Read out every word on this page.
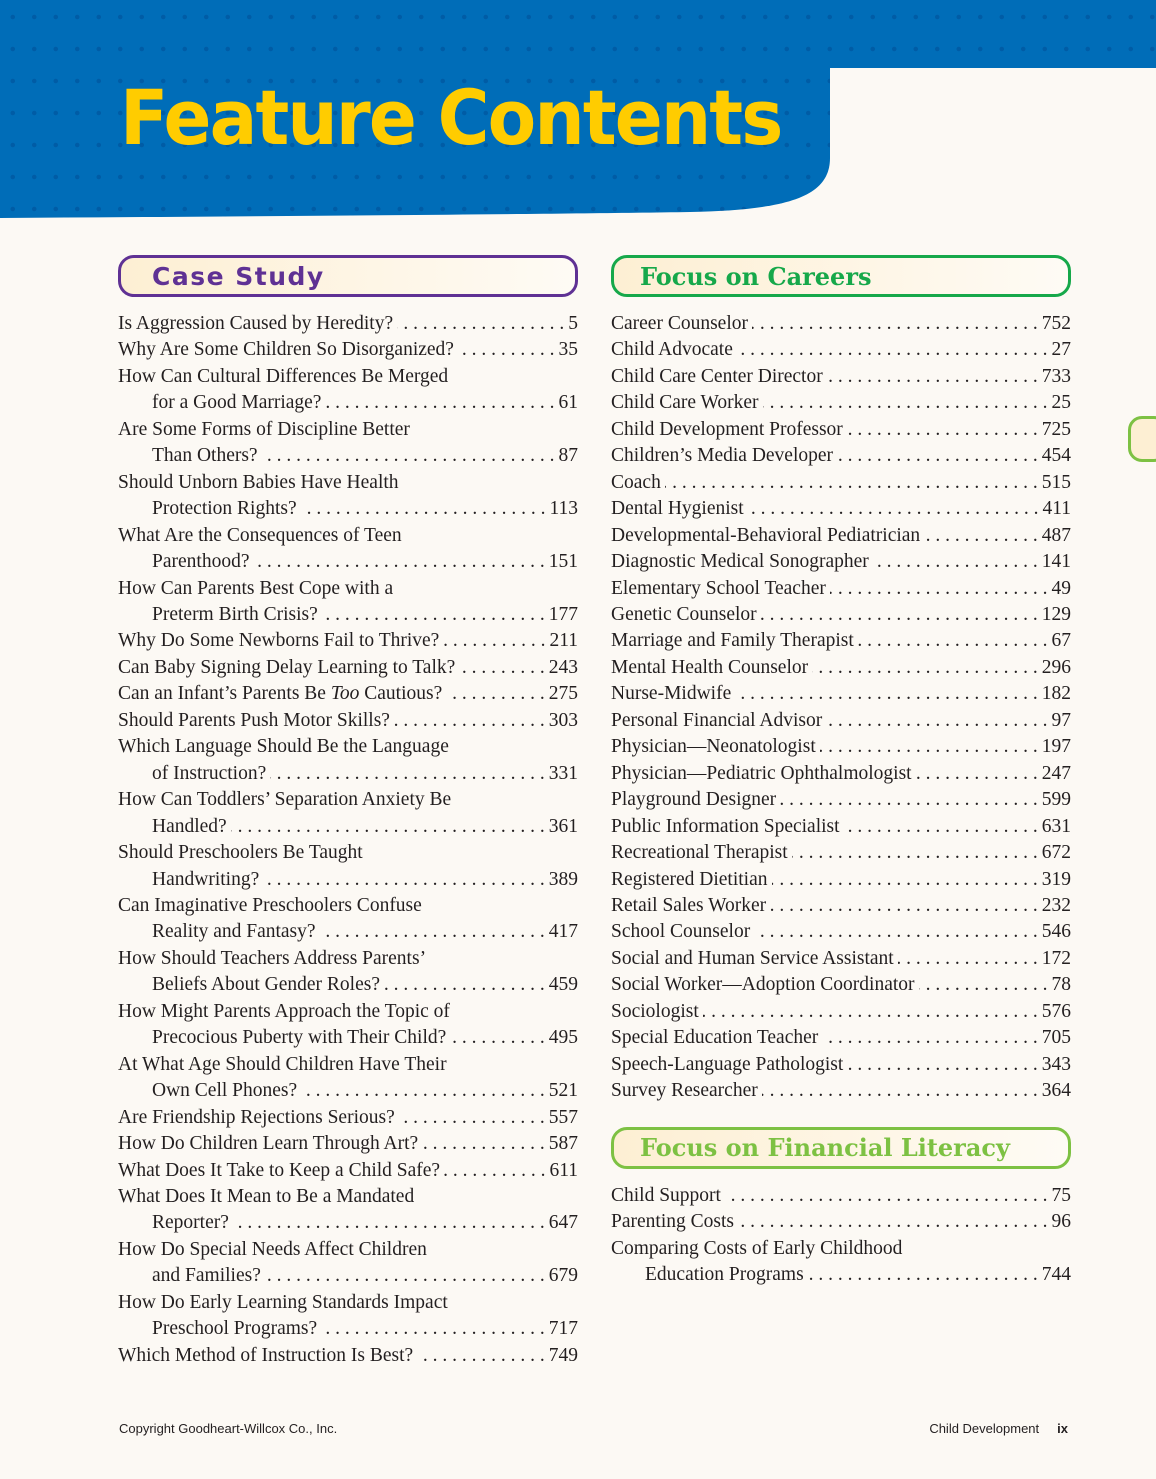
Feature Contents
Case Study
Is Aggression Caused by Heredity? . . .	5
Why Are Some Children So Disorganized? . . .	35
How Can Cultural Differences Be Merged
for a Good Marriage? . . .	61
Are Some Forms of Discipline Better
Than Others? . . .	87
Should Unborn Babies Have Health
Protection Rights? . . .	113
What Are the Consequences of Teen
Parenthood? . . .	151
How Can Parents Best Cope with a
Preterm Birth Crisis? . . .	177
Why Do Some Newborns Fail to Thrive? . . .	211
Can Baby Signing Delay Learning to Talk? . . .	243
Can an Infant’s Parents Be Too Cautious? . . .	275
Should Parents Push Motor Skills? . . .	303
Which Language Should Be the Language
of Instruction? . . .	331
How Can Toddlers’ Separation Anxiety Be
Handled? . . .	361
Should Preschoolers Be Taught
Handwriting? . . .	389
Can Imaginative Preschoolers Confuse
Reality and Fantasy? . . .	417
How Should Teachers Address Parents’
Beliefs About Gender Roles? . . .	459
How Might Parents Approach the Topic of
Precocious Puberty with Their Child? . . .	495
At What Age Should Children Have Their
Own Cell Phones? . . .	521
Are Friendship Rejections Serious? . . .	557
How Do Children Learn Through Art? . . .	587
What Does It Take to Keep a Child Safe? . . .	611
What Does It Mean to Be a Mandated
Reporter? . . .	647
How Do Special Needs Affect Children
and Families? . . .	679
How Do Early Learning Standards Impact
Preschool Programs? . . .	717
Which Method of Instruction Is Best? . . .	749
Focus on Careers
Career Counselor . . .	752
Child Advocate . . .	27
Child Care Center Director . . .	733
Child Care Worker . . .	25
Child Development Professor . . .	725
Children’s Media Developer . . .	454
Coach . . .	515
Dental Hygienist . . .	411
Developmental-Behavioral Pediatrician . . .	487
Diagnostic Medical Sonographer . . .	141
Elementary School Teacher . . .	49
Genetic Counselor . . .	129
Marriage and Family Therapist . . .	67
Mental Health Counselor . . .	296
Nurse-Midwife . . .	182
Personal Financial Advisor . . .	97
Physician—Neonatologist . . .	197
Physician—Pediatric Ophthalmologist . . .	247
Playground Designer . . .	599
Public Information Specialist . . .	631
Recreational Therapist . . .	672
Registered Dietitian . . .	319
Retail Sales Worker . . .	232
School Counselor . . .	546
Social and Human Service Assistant . . .	172
Social Worker—Adoption Coordinator . . .	78
Sociologist . . .	576
Special Education Teacher . . .	705
Speech-Language Pathologist . . .	343
Survey Researcher . . .	364
Focus on Financial Literacy
Child Support . . .	75
Parenting Costs . . .	96
Comparing Costs of Early Childhood
Education Programs . . .	744
Copyright Goodheart-Willcox Co., Inc.	Child Development ix
